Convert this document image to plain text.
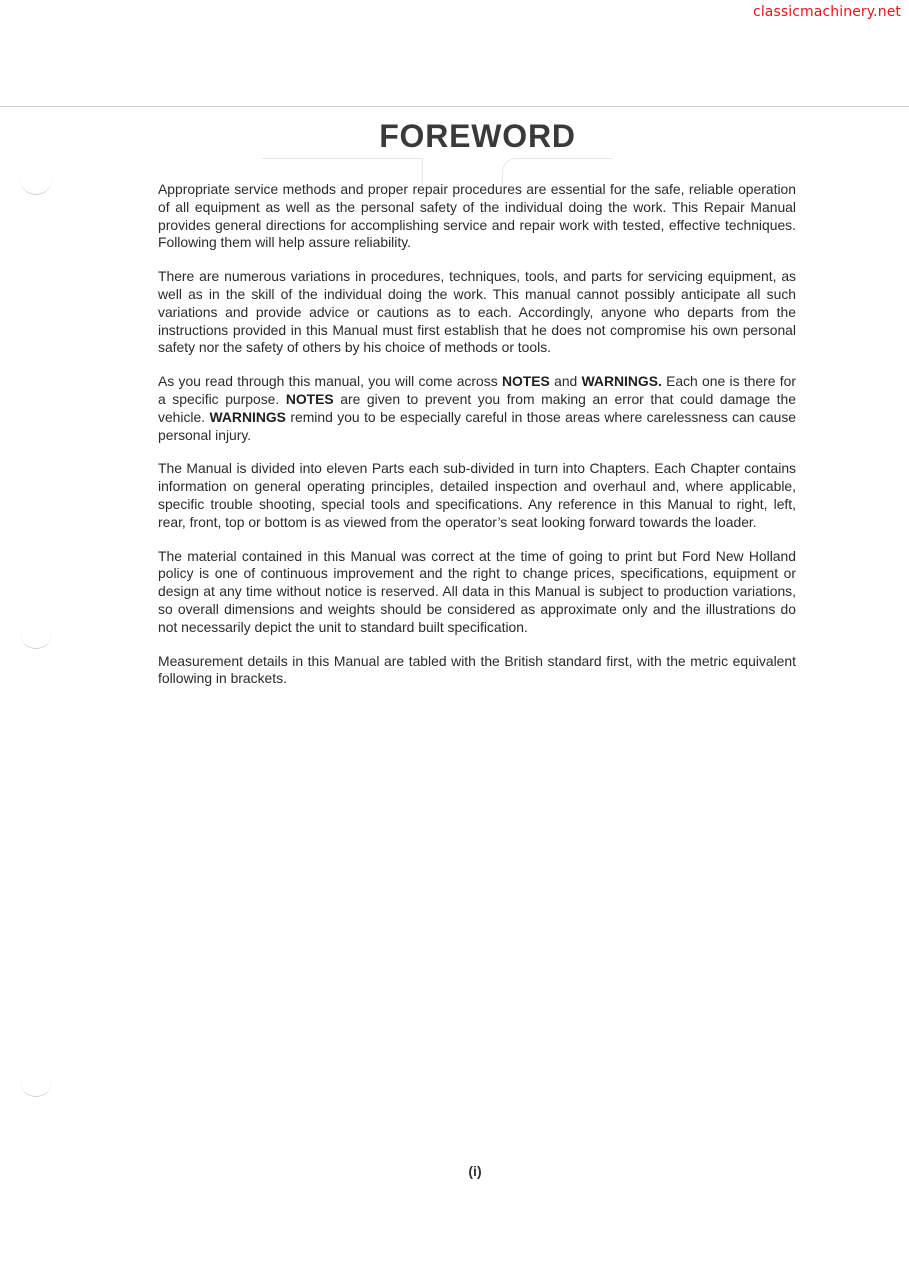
classicmachinery.net
FOREWORD

Appropriate service methods and proper repair procedures are essential for the safe, reliable operation of all equipment as well as the personal safety of the individual doing the work. This Repair Manual provides general directions for accomplishing service and repair work with tested, effective techniques. Following them will help assure reliability.

There are numerous variations in procedures, techniques, tools, and parts for servicing equipment, as well as in the skill of the individual doing the work. This manual cannot possibly anticipate all such variations and provide advice or cautions as to each. Accordingly, anyone who departs from the instructions provided in this Manual must first establish that he does not compromise his own personal safety nor the safety of others by his choice of methods or tools.

As you read through this manual, you will come across NOTES and WARNINGS. Each one is there for a specific purpose. NOTES are given to prevent you from making an error that could damage the vehicle. WARNINGS remind you to be especially careful in those areas where carelessness can cause personal injury.

The Manual is divided into eleven Parts each sub-divided in turn into Chapters. Each Chapter contains information on general operating principles, detailed inspection and overhaul and, where applicable, specific trouble shooting, special tools and specifications. Any reference in this Manual to right, left, rear, front, top or bottom is as viewed from the operator’s seat looking forward towards the loader.

The material contained in this Manual was correct at the time of going to print but Ford New Holland policy is one of continuous improvement and the right to change prices, specifications, equipment or design at any time without notice is reserved. All data in this Manual is subject to production variations, so overall dimensions and weights should be considered as approximate only and the illustrations do not necessarily depict the unit to standard built specification.

Measurement details in this Manual are tabled with the British standard first, with the metric equivalent following in brackets.

(i)
